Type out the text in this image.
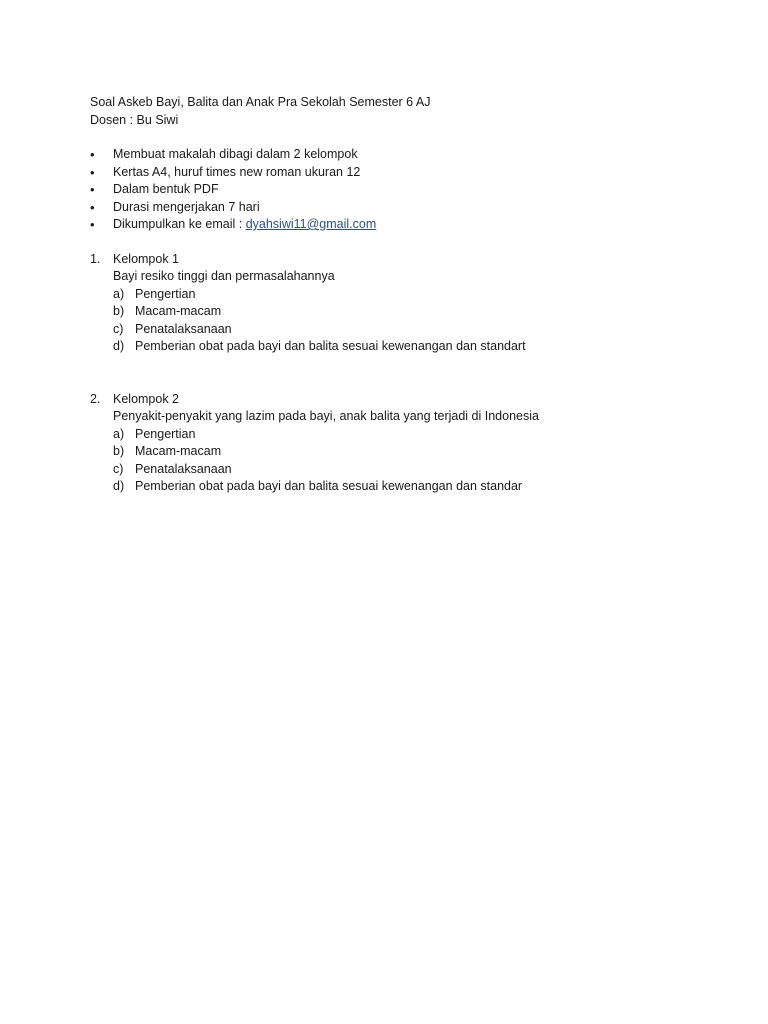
Soal Askeb Bayi, Balita dan Anak Pra Sekolah Semester 6 AJ
Dosen : Bu Siwi
•	Membuat makalah dibagi dalam 2 kelompok
•	Kertas A4, huruf times new roman ukuran 12
•	Dalam bentuk PDF
•	Durasi mengerjakan 7 hari
•	Dikumpulkan ke email : dyahsiwi11@gmail.com
1.	Kelompok 1
Bayi resiko tinggi dan permasalahannya
a) Pengertian
b) Macam-macam
c) Penatalaksanaan
d) Pemberian obat pada bayi dan balita sesuai kewenangan dan standart
2.	Kelompok 2
Penyakit-penyakit yang lazim pada bayi, anak balita yang terjadi di Indonesia
a) Pengertian
b) Macam-macam
c) Penatalaksanaan
d) Pemberian obat pada bayi dan balita sesuai kewenangan dan standar
